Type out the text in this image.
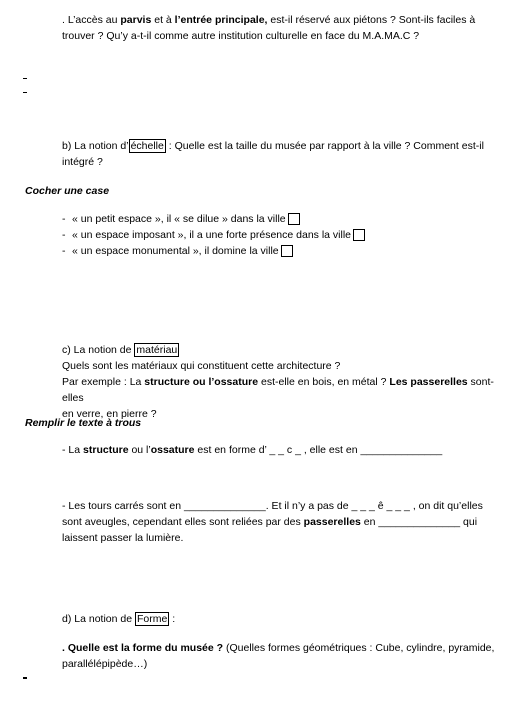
. L’accès au parvis et à l’entrée principale, est-il réservé aux piétons ? Sont-ils faciles à
trouver ? Qu’y a-t-il comme autre institution culturelle en face du M.A.MA.C ?
b) La notion d’ échelle : Quelle est la taille du musée par rapport à la ville ? Comment est-il
intégré ?
Cocher une case
- « un petit espace », il « se dilue » dans la ville
- « un espace imposant », il a une forte présence dans la ville
- « un espace monumental », il domine la ville
c) La notion de matériau
Quels sont les matériaux qui constituent cette architecture ?
Par exemple : La structure ou l’ossature est-elle en bois, en métal ? Les passerelles sont-elles
en verre, en pierre ?
Remplir le texte à trous
- La structure ou l’ossature est en forme d’ _ _ c _ , elle est en ______________
- Les tours carrés sont en ______________. Et il n’y a pas de _ _ _ ê _ _ _ , on dit qu’elles
sont aveugles, cependant elles sont reliées par des passerelles en ______________ qui
laissent passer la lumière.
d) La notion de Forme :
. Quelle est la forme du musée ? (Quelles formes géométriques : Cube, cylindre, pyramide,
parallélépipède…)
